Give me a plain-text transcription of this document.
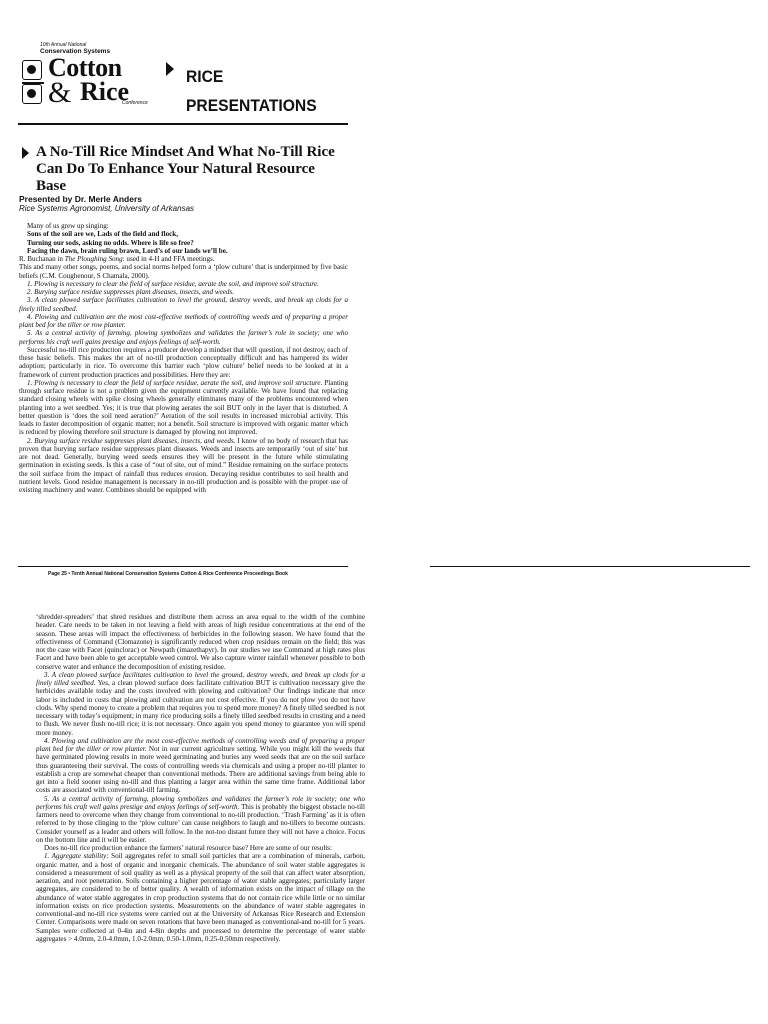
10th Annual National
Conservation Systems
Cotton
& Rice
Conference
RICE
PRESENTATIONS
A No-Till Rice Mindset And What No-Till Rice Can Do To Enhance Your Natural Resource Base
Presented by Dr. Merle Anders
Rice Systems Agronomist, University of Arkansas

Many of us grew up singing:

Sons of the soil are we, Lads of the field and flock,

Turning our sods, asking no odds. Where is life so free?

Facing the dawn, brain ruling brawn, Lord’s of our lands we’ll be.

R. Buchanan in The Ploughing Song: used in 4-H and FFA meetings.

This and many other songs, poems, and social norms helped form a ‘plow culture’ that is underpinned by five basic beliefs (C.M. Coughenour, S Chamala, 2000).

1. Plowing is necessary to clear the field of surface residue, aerate the soil, and improve soil structure.

2. Burying surface residue suppresses plant diseases, insects, and weeds.

3. A clean plowed surface facilitates cultivation to level the ground, destroy weeds, and break up clods for a finely tilled seedbed.

4. Plowing and cultivation are the most cost-effective methods of controlling weeds and of preparing a proper plant bed for the tiller or row planter.

5. As a central activity of farming, plowing symbolizes and validates the farmer’s role in society; one who performs his craft well gains prestige and enjoys feelings of self-worth.

Successful no-till rice production requires a producer develop a mindset that will question, if not destroy, each of these basic beliefs. This makes the art of no-till production conceptually difficult and has hampered its wider adoption; particularly in rice. To overcome this barrier each ‘plow culture’ belief needs to be looked at in a framework of current production practices and possibilities. Here they are:

1. Plowing is necessary to clear the field of surface residue, aerate the soil, and improve soil structure. Planting through surface residue is not a problem given the equipment currently available. We have found that replacing standard closing wheels with spike closing wheels generally eliminates many of the problems encountered when planting into a wet seedbed. Yes; it is true that plowing aerates the soil BUT only in the layer that is disturbed. A better question is ‘does the soil need aeration?’ Aeration of the soil results in increased microbial activity. This leads to faster decomposition of organic matter; not a benefit. Soil structure is improved with organic matter which is reduced by plowing therefore soil structure is damaged by plowing not improved.

2. Burying surface residue suppresses plant diseases, insects, and weeds. I know of no body of research that has proven that burying surface residue suppresses plant diseases. Weeds and insects are temporarily ‘out of site’ but are not dead. Generally, burying weed seeds ensures they will be present in the future while stimulating germination in existing seeds. Is this a case of “out of site, out of mind.” Residue remaining on the surface protects the soil surface from the impact of rainfall thus reduces erosion. Decaying residue contributes to soil health and nutrient levels. Good residue management is necessary in no-till production and is possible with the proper use of existing machinery and water. Combines should be equipped with

Page 25 • Tenth Annual National Conservation Systems Cotton & Rice Conference Proceedings Book

‘shredder-spreaders’ that shred residues and distribute them across an area equal to the width of the combine header. Care needs to be taken in not leaving a field with areas of high residue concentrations at the end of the season. These areas will impact the effectiveness of herbicides in the following season. We have found that the effectiveness of Command (Clomazone) is significantly reduced when crop residues remain on the field; this was not the case with Facet (quinclorac) or Newpath (imazethapyr). In our studies we use Command at high rates plus Facet and have been able to get acceptable weed control. We also capture winter rainfall whenever possible to both conserve water and enhance the decomposition of existing residue.

3. A clean plowed surface facilitates cultivation to level the ground, destroy weeds, and break up clods for a finely tilled seedbed. Yes, a clean plowed surface does facilitate cultivation BUT is cultivation necessary give the herbicides available today and the costs involved with plowing and cultivation? Our findings indicate that once labor is included in costs that plowing and cultivation are not cost effective. If you do not plow you do not have clods. Why spend money to create a problem that requires you to spend more money? A finely tilled seedbed is not necessary with today’s equipment; in many rice producing soils a finely tilled seedbed results in crusting and a need to flush. We never flush no-till rice; it is not necessary. Once again you spend money to guarantee you will spend more money.

4. Plowing and cultivation are the most cost-effective methods of controlling weeds and of preparing a proper plant bed for the tiller or row planter. Not in our current agriculture setting. While you might kill the weeds that have germinated plowing results in more weed germinating and buries any weed seeds that are on the soil surface thus guaranteeing their survival. The costs of controlling weeds via chemicals and using a proper no-till planter to establish a crop are somewhat cheaper than conventional methods. There are additional savings from being able to get into a field sooner using no-till and thus planting a larger area within the same time frame. Additional labor costs are associated with conventional-till farming.

5. As a central activity of farming, plowing symbolizes and validates the farmer’s role in society; one who performs his craft well gains prestige and enjoys feelings of self-worth. This is probably the biggest obstacle no-till farmers need to overcome when they change from conventional to no-till production. ‘Trash Farming’ as it is often referred to by those clinging to the ‘plow culture’ can cause neighbors to laugh and no-tillers to become outcasts. Consider yourself as a leader and others will follow. In the not-too distant future they will not have a choice. Focus on the bottom line and it will be easier.

Does no-till rice production enhance the farmers’ natural resource base? Here are some of our results:

1. Aggregate stability: Soil aggregates refer to small soil particles that are a combination of minerals, carbon, organic matter, and a host of organic and inorganic chemicals. The abundance of soil water stable aggregates is considered a measurement of soil quality as well as a physical property of the soil that can affect water absorption, aeration, and root penetration. Soils containing a higher percentage of water stable aggregates; particularly larger aggregates, are considered to be of better quality. A wealth of information exists on the impact of tillage on the abundance of water stable aggregates in crop production systems that do not contain rice while little or no similar information exists on rice production systems. Measurements on the abundance of water stable aggregates in conventional-and no-till rice systems were carried out at the University of Arkansas Rice Research and Extension Center. Comparisons were made on seven rotations that have been managed as conventional-and no-till for 5 years. Samples were collected at 0-4in and 4-8in depths and processed to determine the percentage of water stable aggregates > 4.0mm, 2.0-4.0mm, 1.0-2.0mm, 0.50-1.0mm, 0.25-0.50mm respectively.
